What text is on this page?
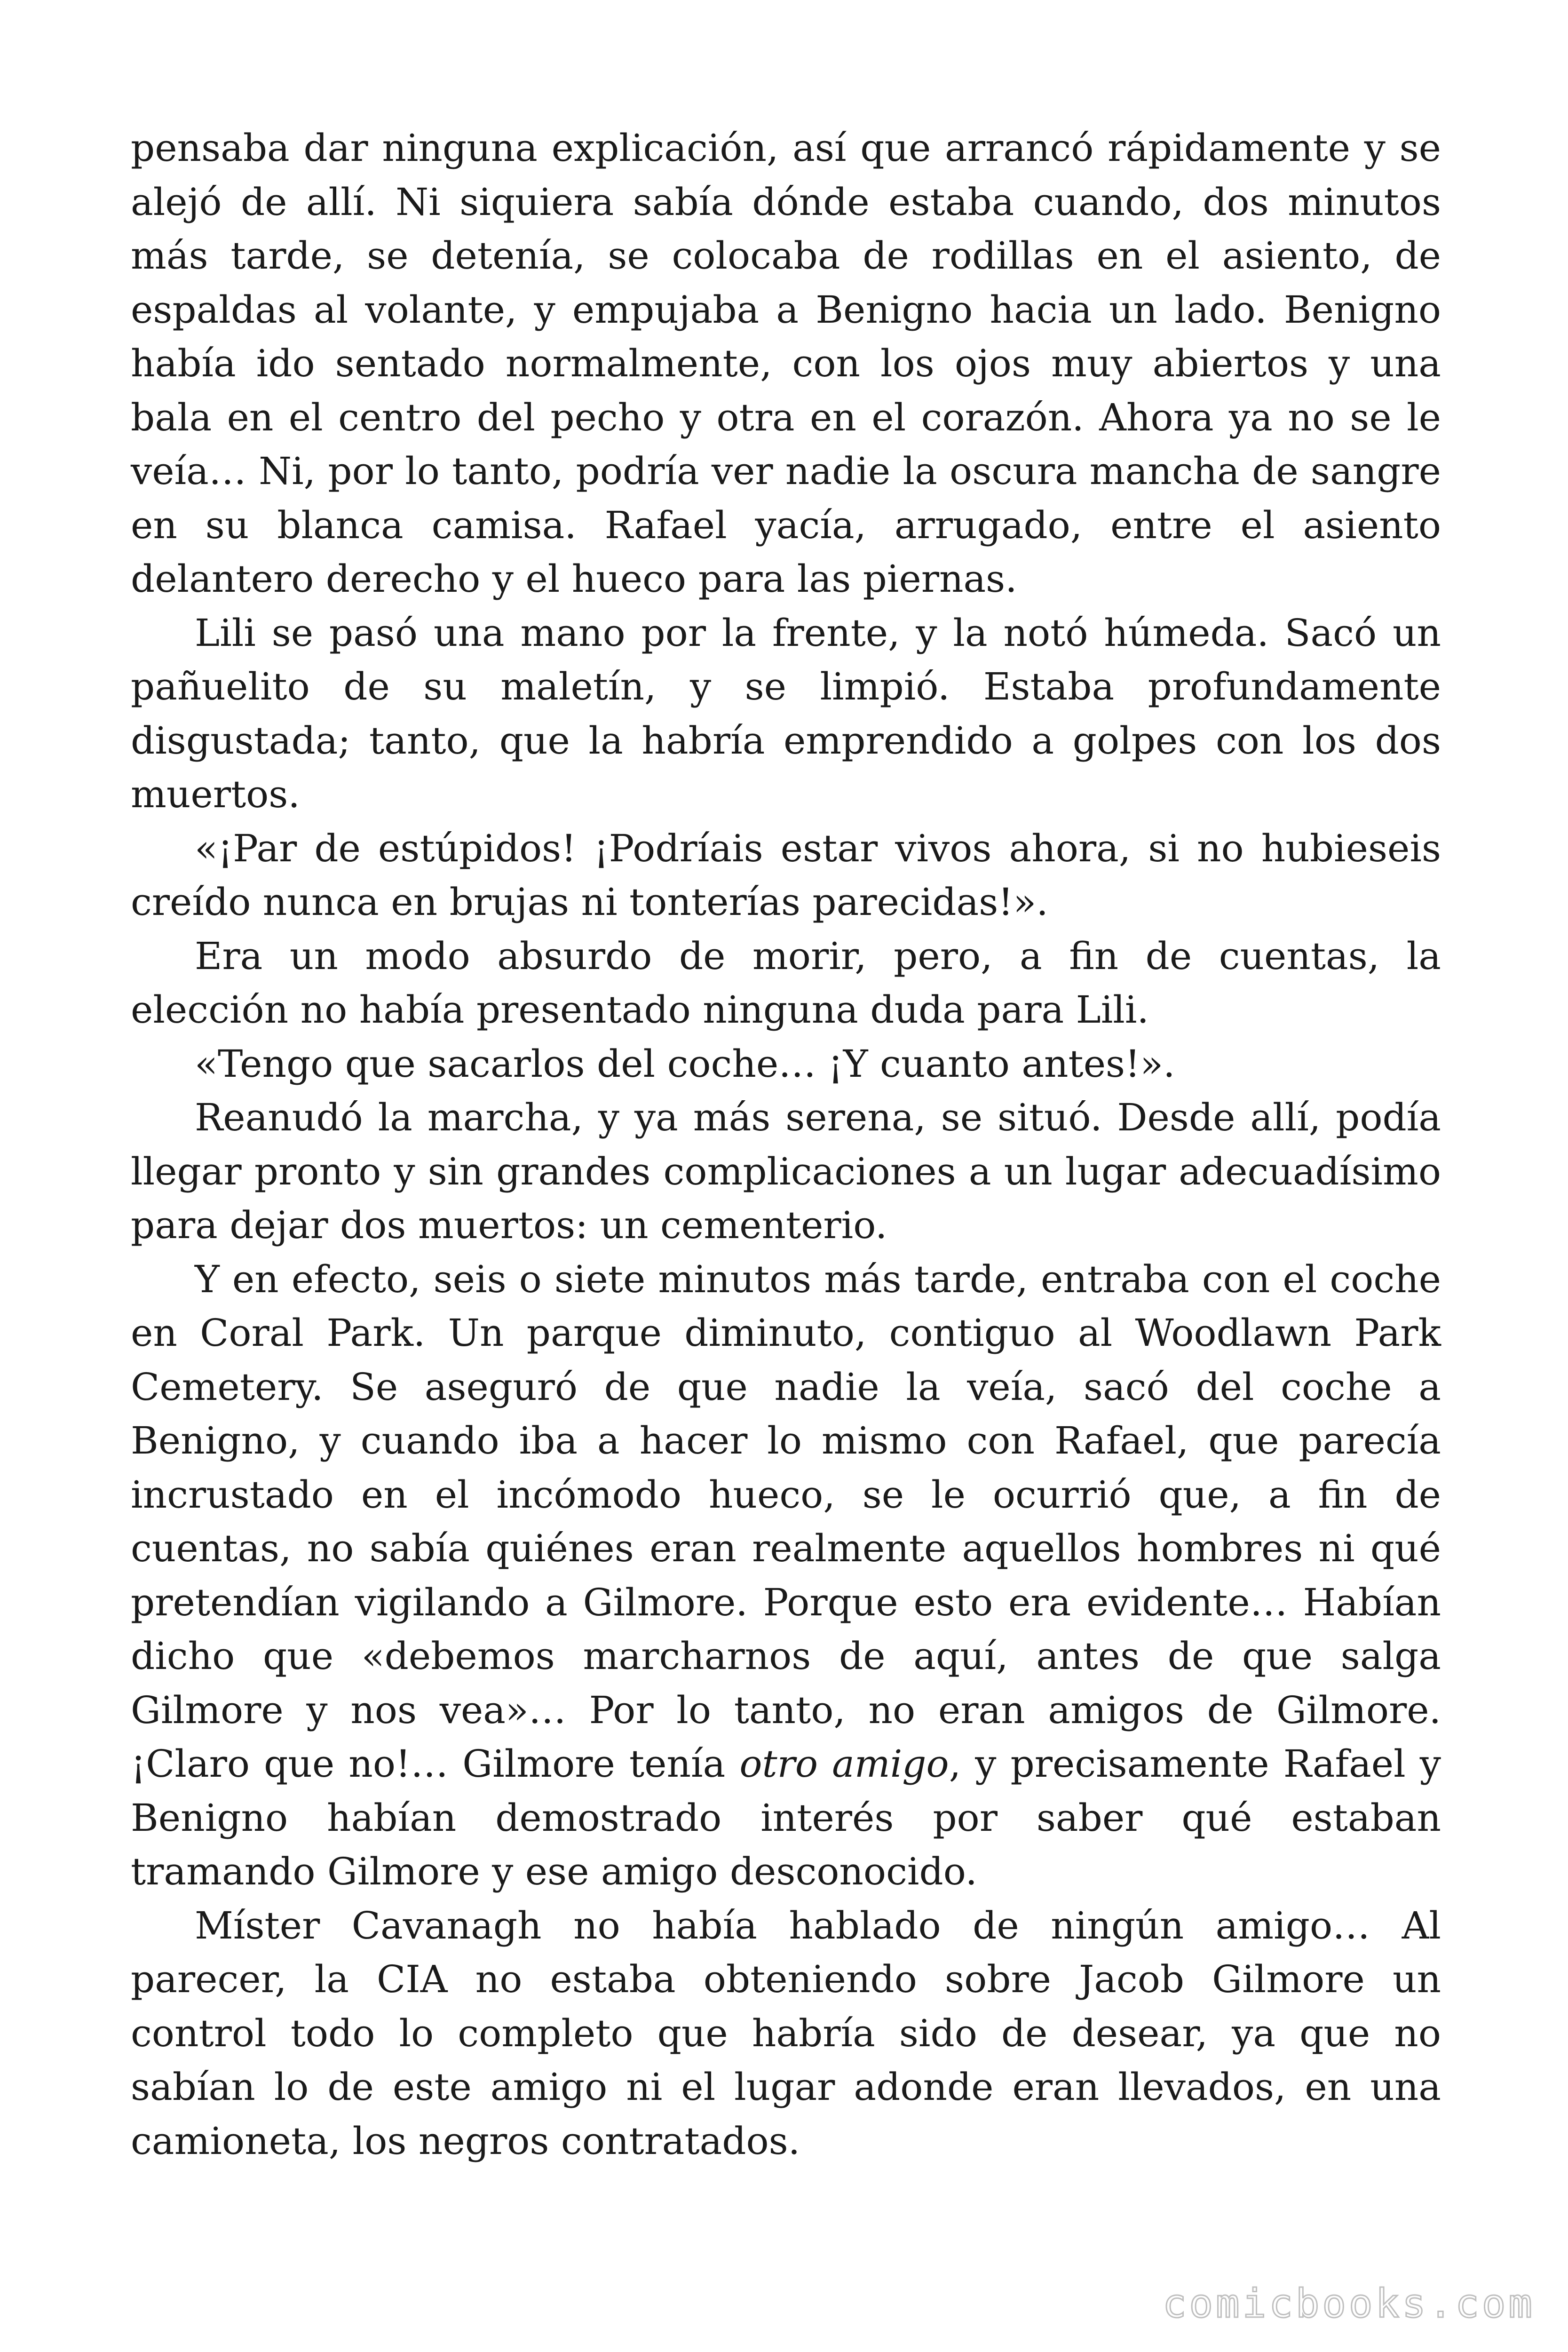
pensaba dar ninguna explicación, así que arrancó rápidamente y se alejó de allí. Ni siquiera sabía dónde estaba cuando, dos minutos más tarde, se detenía, se colocaba de rodillas en el asiento, de espaldas al volante, y empujaba a Benigno hacia un lado. Benigno había ido sentado normalmente, con los ojos muy abiertos y una bala en el centro del pecho y otra en el corazón. Ahora ya no se le veía… Ni, por lo tanto, podría ver nadie la oscura mancha de sangre en su blanca camisa. Rafael yacía, arrugado, entre el asiento delantero derecho y el hueco para las piernas.

Lili se pasó una mano por la frente, y la notó húmeda. Sacó un pañuelito de su maletín, y se limpió. Estaba profundamente disgustada; tanto, que la habría emprendido a golpes con los dos muertos.

«¡Par de estúpidos! ¡Podríais estar vivos ahora, si no hubieseis creído nunca en brujas ni tonterías parecidas!».

Era un modo absurdo de morir, pero, a fin de cuentas, la elección no había presentado ninguna duda para Lili.

«Tengo que sacarlos del coche… ¡Y cuanto antes!».

Reanudó la marcha, y ya más serena, se situó. Desde allí, podía llegar pronto y sin grandes complicaciones a un lugar adecuadísimo para dejar dos muertos: un cementerio.

Y en efecto, seis o siete minutos más tarde, entraba con el coche en Coral Park. Un parque diminuto, contiguo al Woodlawn Park Cemetery. Se aseguró de que nadie la veía, sacó del coche a Benigno, y cuando iba a hacer lo mismo con Rafael, que parecía incrustado en el incómodo hueco, se le ocurrió que, a fin de cuentas, no sabía quiénes eran realmente aquellos hombres ni qué pretendían vigilando a Gilmore. Porque esto era evidente… Habían dicho que «debemos marcharnos de aquí, antes de que salga Gilmore y nos vea»… Por lo tanto, no eran amigos de Gilmore. ¡Claro que no!… Gilmore tenía otro amigo, y precisamente Rafael y Benigno habían demostrado interés por saber qué estaban tramando Gilmore y ese amigo desconocido.

Míster Cavanagh no había hablado de ningún amigo… Al parecer, la CIA no estaba obteniendo sobre Jacob Gilmore un control todo lo completo que habría sido de desear, ya que no sabían lo de este amigo ni el lugar adonde eran llevados, en una camioneta, los negros contratados.

comicbooks.com
